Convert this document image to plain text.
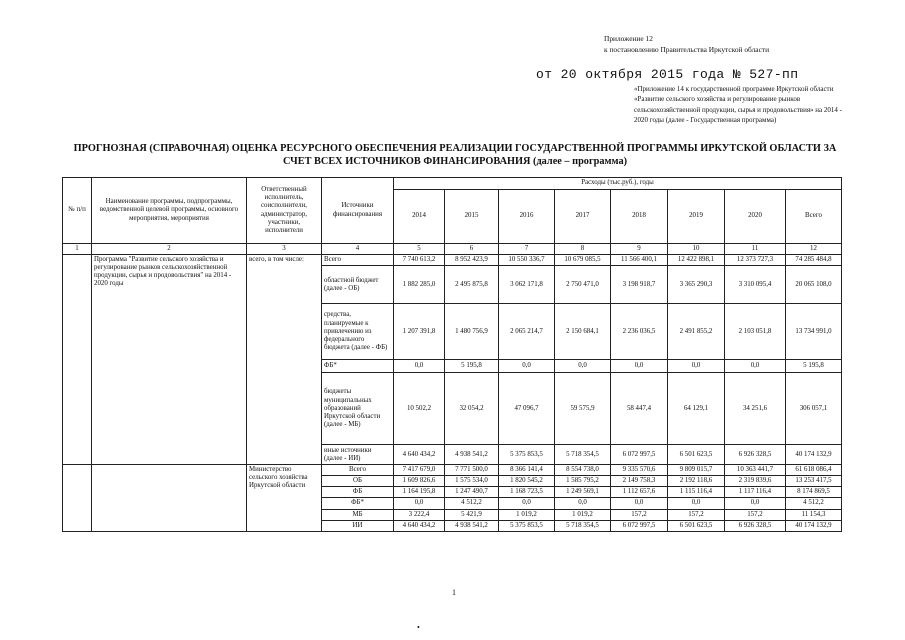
Приложение 12
к постановлению Правительства Иркутской области
от 20 октября 2015 года № 527-пп
«Приложение 14 к государственной программе Иркутской области «Развитие сельского хозяйства и регулирование рынков сельскохозяйственной продукции, сырья и продовольствия» на 2014 - 2020 годы (далее - Государственная программа)
ПРОГНОЗНАЯ (СПРАВОЧНАЯ) ОЦЕНКА РЕСУРСНОГО ОБЕСПЕЧЕНИЯ РЕАЛИЗАЦИИ ГОСУДАРСТВЕННОЙ ПРОГРАММЫ ИРКУТСКОЙ ОБЛАСТИ ЗА СЧЕТ ВСЕХ ИСТОЧНИКОВ ФИНАНСИРОВАНИЯ (далее – программа)
№ п/п	Наименование программы, подпрограммы, ведомственной целевой программы, основного мероприятия, мероприятия	Ответственный исполнитель, соисполнители, администратор, участники, исполнители	Источники финансирования	Расходы (тыс.руб.), годы							
				2014	2015	2016	2017	2018	2019	2020	Всего
1	2	3	4	5	6	7	8	9	10	11	12
	Программа "Развитие сельского хозяйства и регулирование рынков сельскохозяйственной продукции, сырья и продовольствия" на 2014 - 2020 годы	всего, в том числе:	Всего	7 740 613,2	8 952 423,9	10 550 336,7	10 679 085,5	11 566 400,1	12 422 898,1	12 373 727,3	74 285 484,8
			областной бюджет (далее - ОБ)	1 882 285,0	2 495 875,8	3 062 171,8	2 750 471,0	3 198 918,7	3 365 290,3	3 310 095,4	20 065 108,0
			средства, планируемые к привлечению из федерального бюджета (далее - ФБ)	1 207 391,8	1 480 756,9	2 065 214,7	2 150 684,1	2 236 036,5	2 491 855,2	2 103 051,8	13 734 991,0
			ФБ*	0,0	5 195,8	0,0	0,0	0,0	0,0	0,0	5 195,8
			бюджеты муниципальных образований Иркутской области (далее - МБ)	10 502,2	32 054,2	47 096,7	59 575,9	58 447,4	64 129,1	34 251,6	306 057,1
			иные источники (далее - ИИ)	4 640 434,2	4 938 541,2	5 375 853,5	5 718 354,5	6 072 997,5	6 501 623,5	6 926 328,5	40 174 132,9
		Министерство сельского хозяйства Иркутской области	Всего	7 417 679,0	7 771 500,0	8 366 141,4	8 554 738,0	9 335 570,6	9 809 015,7	10 363 441,7	61 618 086,4
			ОБ	1 609 826,6	1 575 534,0	1 820 545,2	1 585 795,2	2 149 758,3	2 192 118,6	2 319 839,6	13 253 417,5
			ФБ	1 164 195,8	1 247 490,7	1 168 723,5	1 249 569,1	1 112 657,6	1 115 116,4	1 117 116,4	8 174 869,5
			ФБ*	0,0	4 512,2	0,0	0,0	0,0	0,0	0,0	4 512,2
			МБ	3 222,4	5 421,9	1 019,2	1 019,2	157,2	157,2	157,2	11 154,3
			ИИ	4 640 434,2	4 938 541,2	5 375 853,5	5 718 354,5	6 072 997,5	6 501 623,5	6 926 328,5	40 174 132,9
1
•
